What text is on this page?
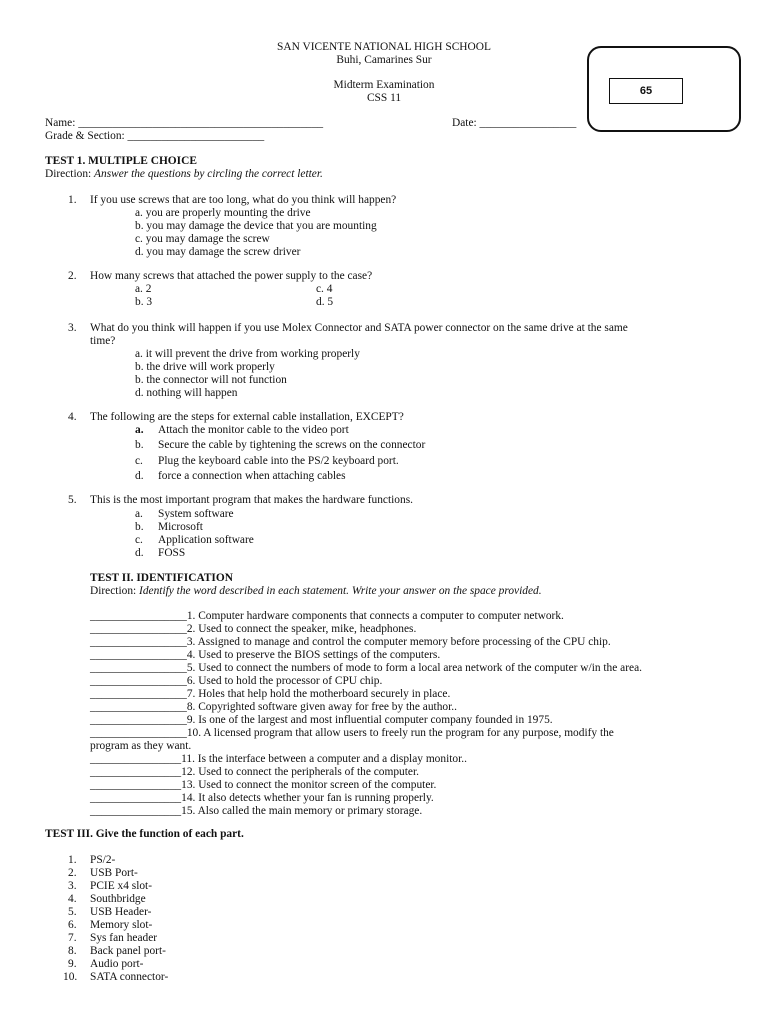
SAN VICENTE NATIONAL HIGH SCHOOL
Buhi, Camarines Sur
Midterm Examination
CSS 11
65
Name: ___________________________________________	Date: _________________
Grade & Section: ________________________
TEST 1. MULTIPLE CHOICE
Direction: Answer the questions by circling the correct letter.
1. If you use screws that are too long, what do you think will happen?
a. you are properly mounting the drive
b. you may damage the device that you are mounting
c. you may damage the screw
d. you may damage the screw driver
2. How many screws that attached the power supply to the case?
a. 2	c. 4
b. 3	d. 5
3. What do you think will happen if you use Molex Connector and SATA power connector on the same drive at the same
time?
a. it will prevent the drive from working properly
b. the drive will work properly
b. the connector will not function
d. nothing will happen
4. The following are the steps for external cable installation, EXCEPT?
a. Attach the monitor cable to the video port
b. Secure the cable by tightening the screws on the connector
c. Plug the keyboard cable into the PS/2 keyboard port.
d. force a connection when attaching cables
5. This is the most important program that makes the hardware functions.
a. System software
b. Microsoft
c. Application software
d. FOSS
TEST II. IDENTIFICATION
Direction: Identify the word described in each statement. Write your answer on the space provided.
_________________1. Computer hardware components that connects a computer to computer network.
_________________2. Used to connect the speaker, mike, headphones.
_________________3. Assigned to manage and control the computer memory before processing of the CPU chip.
_________________4. Used to preserve the BIOS settings of the computers.
_________________5. Used to connect the numbers of mode to form a local area network of the computer w/in the area.
_________________6. Used to hold the processor of CPU chip.
_________________7. Holes that help hold the motherboard securely in place.
_________________8. Copyrighted software given away for free by the author..
_________________9. Is one of the largest and most influential computer company founded in 1975.
_________________10. A licensed program that allow users to freely run the program for any purpose, modify the
program as they want.
________________11. Is the interface between a computer and a display monitor..
________________12. Used to connect the peripherals of the computer.
________________13. Used to connect the monitor screen of the computer.
________________14. It also detects whether your fan is running properly.
________________15. Also called the main memory or primary storage.
TEST III. Give the function of each part.
1. PS/2-
2. USB Port-
3. PCIE x4 slot-
4. Southbridge
5. USB Header-
6. Memory slot-
7. Sys fan header
8. Back panel port-
9. Audio port-
10. SATA connector-
